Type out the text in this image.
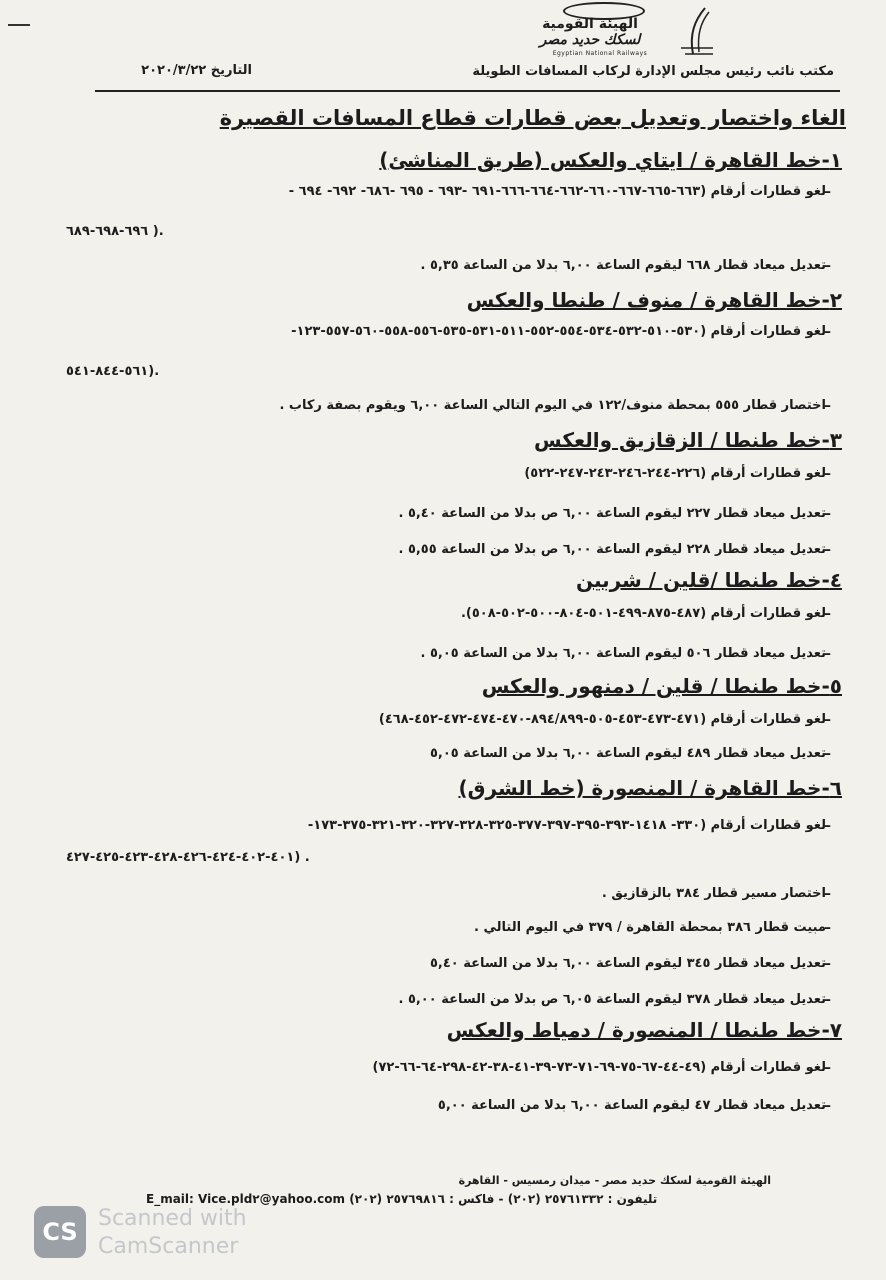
الهيئة القومية
لسكك حديد مصر
Egyptian National Railways
مكتب نائب رئيس مجلس الإدارة لركاب المسافات الطويلة
التاريخ ٢٠٢٠/٣/٢٢
الغاء واختصار وتعديل بعض قطارات قطاع المسافات القصيرة
١-خط القاهرة / ايتاي والعكس (طريق المناشئ)
–
لغو قطارات أرقام (٦٦٣-٦٦٥-٦٦٧-٦٦٠-٦٦٢-٦٦٤-٦٦٦-٦٩١ -٦٩٣ - ٦٩٥ -٦٨٦- ٦٩٢- ٦٩٤ -
٦٩٦-٦٩٨-٦٨٩ ).
–
تعديل ميعاد قطار ٦٦٨ ليقوم الساعة ٦,٠٠ بدلا من الساعة ٥,٣٥ .
٢-خط القاهرة / منوف / طنطا والعكس
–
لغو قطارات أرقام (٥٣٠-٥١٠-٥٣٢-٥٣٤-٥٥٤-٥٥٢-٥١١-٥٣١-٥٣٥-٥٥٦-٥٥٨-٥٦٠-٥٥٧-١٢٣-
٥٦١-٨٤٤-٥٤١).
–
اختصار قطار ٥٥٥ بمحطة منوف/١٢٢ في اليوم التالي الساعة ٦,٠٠ ويقوم بصفة ركاب .
٣-خط طنطا / الزقازيق والعكس
–
لغو قطارات أرقام (٢٢٦-٢٤٤-٢٤٦-٢٤٣-٢٤٧-٥٢٢)
–
تعديل ميعاد قطار ٢٢٧ ليقوم الساعة ٦,٠٠ ص بدلا من الساعة ٥,٤٠ .
–
تعديل ميعاد قطار ٢٢٨ ليقوم الساعة ٦,٠٠ ص بدلا من الساعة ٥,٥٥ .
٤-خط طنطا /قلين / شربين
–
لغو قطارات أرقام (٤٨٧-٨٧٥-٤٩٩-٥٠١-٨٠٤-٥٠٠-٥٠٢-٥٠٨).
–
تعديل ميعاد قطار ٥٠٦ ليقوم الساعة ٦,٠٠ بدلا من الساعة ٥,٠٥ .
٥-خط طنطا / قلين / دمنهور والعكس
–
لغو قطارات أرقام (٤٧١-٤٧٣-٤٥٣-٥٠٥-٨٩٤/٨٩٩-٤٧٠-٤٧٤-٤٧٢-٤٥٢-٤٦٨)
–
تعديل ميعاد قطار ٤٨٩ ليقوم الساعة ٦,٠٠ بدلا من الساعة ٥,٠٥
٦-خط القاهرة / المنصورة (خط الشرق)
–
لغو قطارات أرقام (٣٣٠- ١٤١٨-٣٩٣-٣٩٥-٣٩٧-٣٧٧-٣٢٥-٣٢٨-٣٢٧-٣٢٠-٣٢١-٣٧٥-١٧٣-
٤٠١-٤٠٢-٤٢٤-٤٢٦-٤٢٨-٤٢٣-٤٢٥-٤٢٧) .
–
اختصار مسير قطار ٣٨٤ بالزقازيق .
–
مبيت قطار ٣٨٦ بمحطة القاهرة / ٣٧٩ في اليوم التالي .
–
تعديل ميعاد قطار ٣٤٥ ليقوم الساعة ٦,٠٠ بدلا من الساعة ٥,٤٠
–
تعديل ميعاد قطار ٣٧٨ ليقوم الساعة ٦,٠٥ ص بدلا من الساعة ٥,٠٠ .
٧-خط طنطا / المنصورة / دمياط والعكس
–
لغو قطارات أرقام (٤٩-٤٤-٦٧-٧٥-٦٩-٧١-٧٣-٣٩-٤١-٣٨-٤٢-٢٩٨-٦٤-٦٦-٧٢)
–
تعديل ميعاد قطار ٤٧ ليقوم الساعة ٦,٠٠ بدلا من الساعة ٥,٠٠
الهيئة القومية لسكك حديد مصر - ميدان رمسيس - القاهرة
E_mail: Vice.pld٢@yahoo.com تليفون : ٢٥٧٦١٣٣٢ (٢٠٢) - فاكس : ٢٥٧٦٩٨١٦ (٢٠٢)
CS Scanned with
CamScanner
